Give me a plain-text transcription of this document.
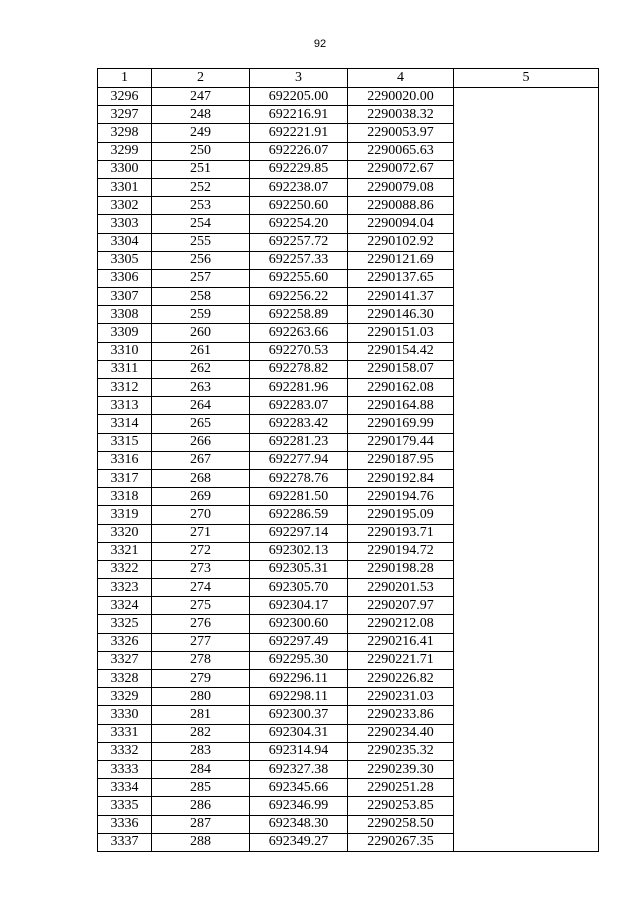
92
1	2	3	4	5
3296	247	692205.00	2290020.00	
3297	248	692216.91	2290038.32	
3298	249	692221.91	2290053.97	
3299	250	692226.07	2290065.63	
3300	251	692229.85	2290072.67	
3301	252	692238.07	2290079.08	
3302	253	692250.60	2290088.86	
3303	254	692254.20	2290094.04	
3304	255	692257.72	2290102.92	
3305	256	692257.33	2290121.69	
3306	257	692255.60	2290137.65	
3307	258	692256.22	2290141.37	
3308	259	692258.89	2290146.30	
3309	260	692263.66	2290151.03	
3310	261	692270.53	2290154.42	
3311	262	692278.82	2290158.07	
3312	263	692281.96	2290162.08	
3313	264	692283.07	2290164.88	
3314	265	692283.42	2290169.99	
3315	266	692281.23	2290179.44	
3316	267	692277.94	2290187.95	
3317	268	692278.76	2290192.84	
3318	269	692281.50	2290194.76	
3319	270	692286.59	2290195.09	
3320	271	692297.14	2290193.71	
3321	272	692302.13	2290194.72	
3322	273	692305.31	2290198.28	
3323	274	692305.70	2290201.53	
3324	275	692304.17	2290207.97	
3325	276	692300.60	2290212.08	
3326	277	692297.49	2290216.41	
3327	278	692295.30	2290221.71	
3328	279	692296.11	2290226.82	
3329	280	692298.11	2290231.03	
3330	281	692300.37	2290233.86	
3331	282	692304.31	2290234.40	
3332	283	692314.94	2290235.32	
3333	284	692327.38	2290239.30	
3334	285	692345.66	2290251.28	
3335	286	692346.99	2290253.85	
3336	287	692348.30	2290258.50	
3337	288	692349.27	2290267.35	
